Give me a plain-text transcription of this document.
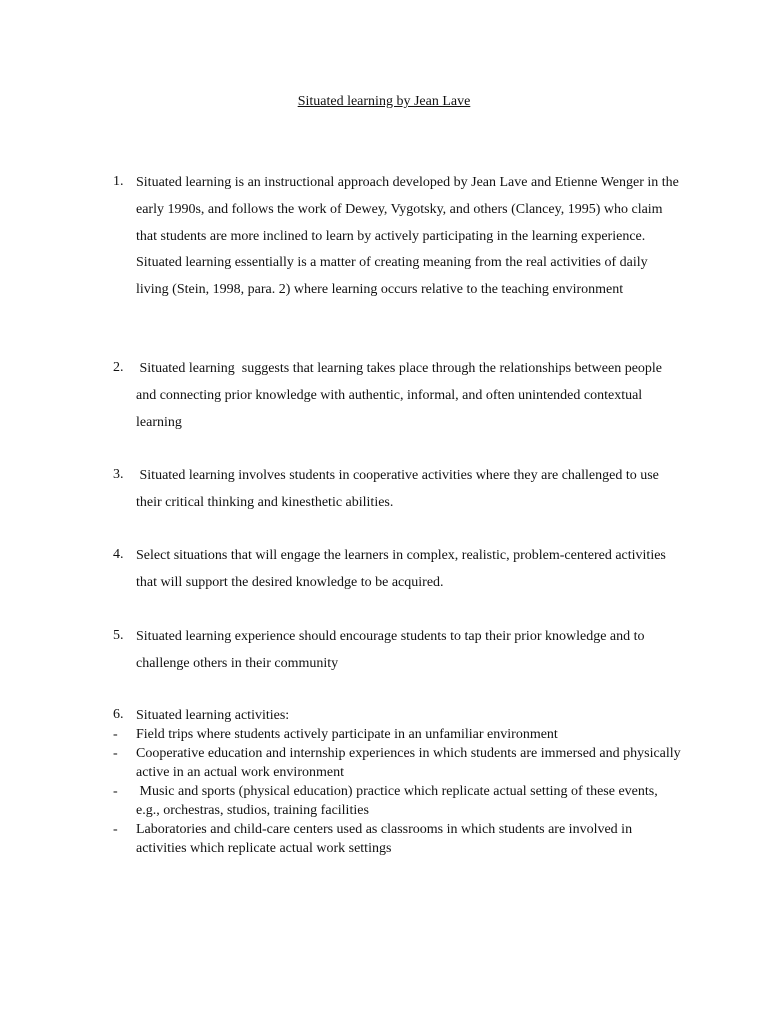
Situated learning by Jean Lave
1. Situated learning is an instructional approach developed by Jean Lave and Etienne Wenger in the early 1990s, and follows the work of Dewey, Vygotsky, and others (Clancey, 1995) who claim that students are more inclined to learn by actively participating in the learning experience. Situated learning essentially is a matter of creating meaning from the real activities of daily living (Stein, 1998, para. 2) where learning occurs relative to the teaching environment
2. Situated learning  suggests that learning takes place through the relationships between people and connecting prior knowledge with authentic, informal, and often unintended contextual learning
3. Situated learning involves students in cooperative activities where they are challenged to use their critical thinking and kinesthetic abilities.
4. Select situations that will engage the learners in complex, realistic, problem-centered activities that will support the desired knowledge to be acquired.
5. Situated learning experience should encourage students to tap their prior knowledge and to challenge others in their community
6. Situated learning activities:
- Field trips where students actively participate in an unfamiliar environment
- Cooperative education and internship experiences in which students are immersed and physically active in an actual work environment
- Music and sports (physical education) practice which replicate actual setting of these events, e.g., orchestras, studios, training facilities
- Laboratories and child-care centers used as classrooms in which students are involved in activities which replicate actual work settings
